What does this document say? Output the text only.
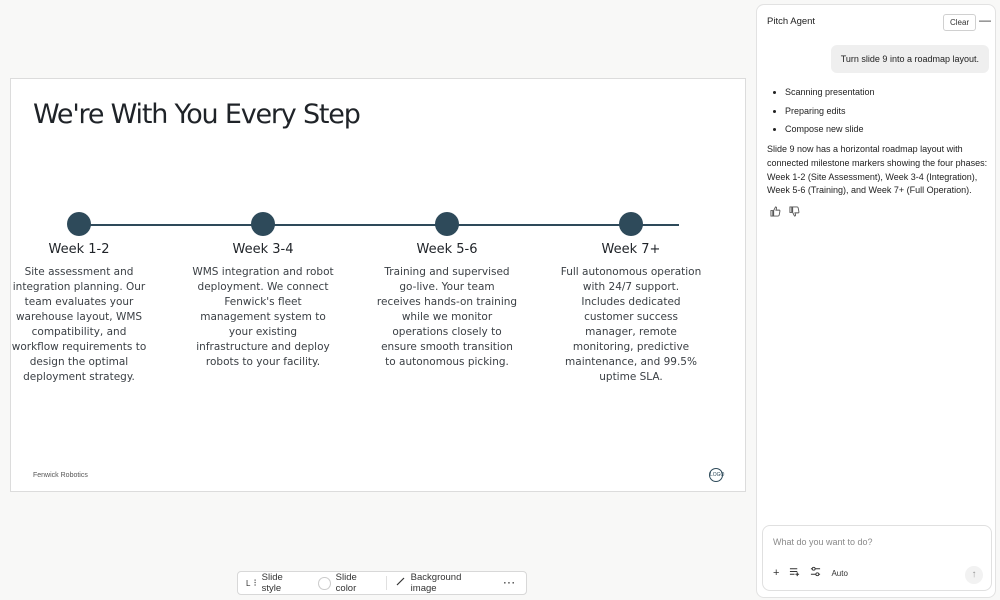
We're With You Every Step
Week 1-2
Site assessment and integration planning. Our team evaluates your warehouse layout, WMS compatibility, and workflow requirements to design the optimal deployment strategy.
Week 3-4
WMS integration and robot deployment. We connect Fenwick's fleet management system to your existing infrastructure and deploy robots to your facility.
Week 5-6
Training and supervised go-live. Your team receives hands-on training while we monitor operations closely to ensure smooth transition to autonomous picking.
Week 7+
Full autonomous operation with 24/7 support. Includes dedicated customer success manager, remote monitoring, predictive maintenance, and 99.5% uptime SLA.
Fenwick Robotics	LOGO
L ⁝ Slide style
Slide color
Background image	···
Pitch Agent	Clear —
Turn slide 9 into a roadmap layout.
• Scanning presentation
• Preparing edits
• Compose new slide
Slide 9 now has a horizontal roadmap layout with connected milestone markers showing the four phases: Week 1-2 (Site Assessment), Week 3-4 (Integration), Week 5-6 (Training), and Week 7+ (Full Operation).
What do you want to do?
+	Auto	↑
